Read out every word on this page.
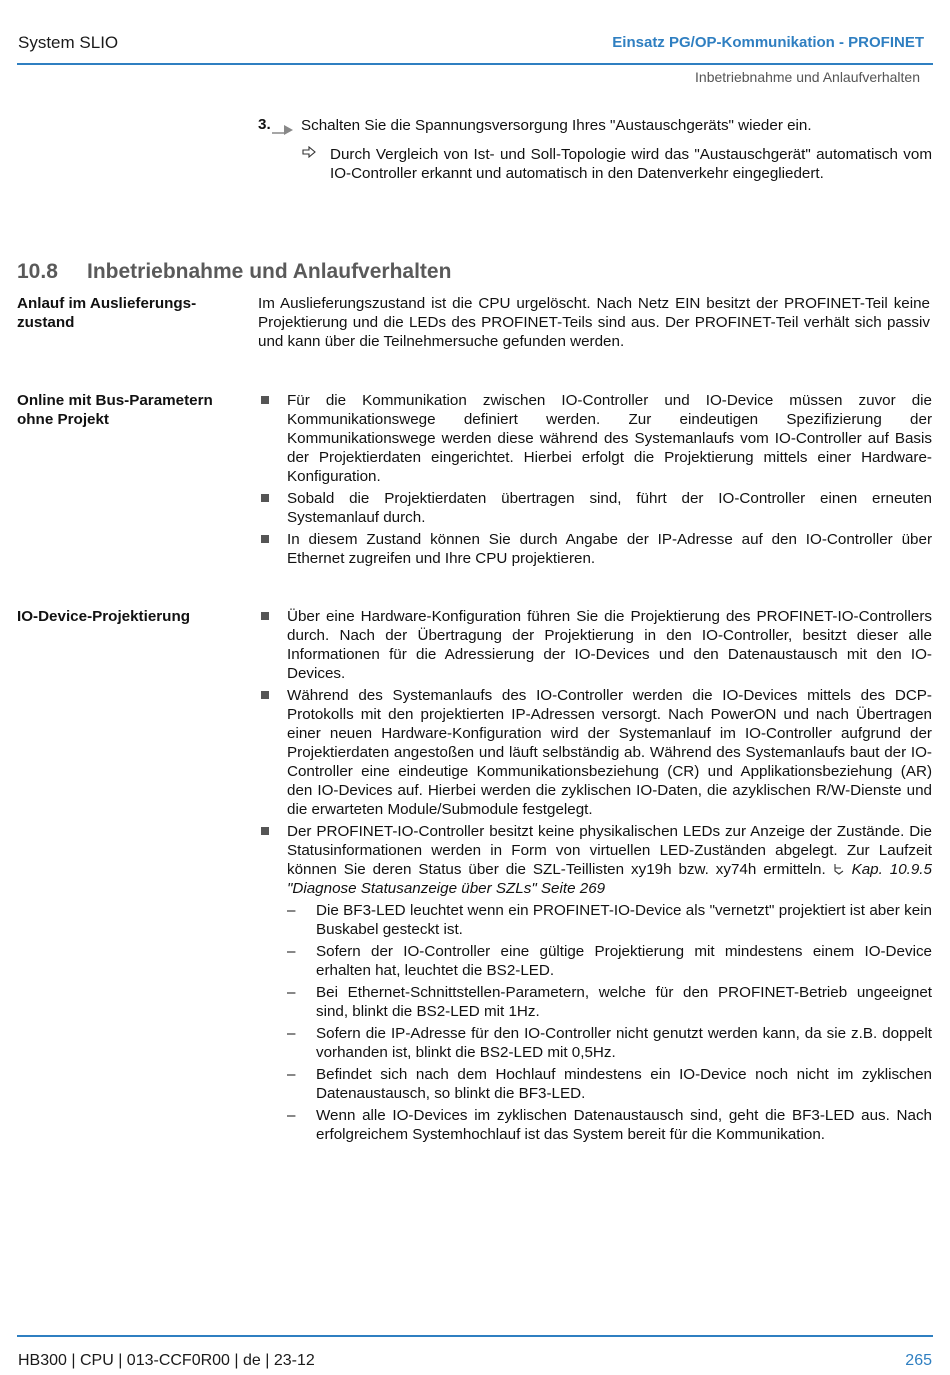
System SLIO	Einsatz PG/OP-Kommunikation - PROFINET
Inbetriebnahme und Anlaufverhalten
3. Schalten Sie die Spannungsversorgung Ihres "Austauschgeräts" wieder ein.
Durch Vergleich von Ist- und Soll-Topologie wird das "Austauschgerät" automatisch vom IO-Controller erkannt und automatisch in den Datenverkehr eingegliedert.
10.8 Inbetriebnahme und Anlaufverhalten
Anlauf im Auslieferungszustand
Im Auslieferungszustand ist die CPU urgelöscht. Nach Netz EIN besitzt der PROFINET-Teil keine Projektierung und die LEDs des PROFINET-Teils sind aus. Der PROFINET-Teil verhält sich passiv und kann über die Teilnehmersuche gefunden werden.
Online mit Bus-Parametern ohne Projekt
Für die Kommunikation zwischen IO-Controller und IO-Device müssen zuvor die Kommunikationswege definiert werden. Zur eindeutigen Spezifizierung der Kommunikationswege werden diese während des Systemanlaufs vom IO-Controller auf Basis der Projektierdaten eingerichtet. Hierbei erfolgt die Projektierung mittels einer Hardware-Konfiguration.
Sobald die Projektierdaten übertragen sind, führt der IO-Controller einen erneuten Systemanlauf durch.
In diesem Zustand können Sie durch Angabe der IP-Adresse auf den IO-Controller über Ethernet zugreifen und Ihre CPU projektieren.
IO-Device-Projektierung	Über eine Hardware-Konfiguration führen Sie die Projektierung des PROFINET-IO-Controllers durch. Nach der Übertragung der Projektierung in den IO-Controller, besitzt dieser alle Informationen für die Adressierung der IO-Devices und den Datenaustausch mit den IO-Devices.
Während des Systemanlaufs des IO-Controller werden die IO-Devices mittels des DCP-Protokolls mit den projektierten IP-Adressen versorgt. Nach PowerON und nach Übertragen einer neuen Hardware-Konfiguration wird der Systemanlauf im IO-Controller aufgrund der Projektierdaten angestoßen und läuft selbständig ab. Während des Systemanlaufs baut der IO-Controller eine eindeutige Kommunikationsbeziehung (CR) und Applikationsbeziehung (AR) den IO-Devices auf. Hierbei werden die zyklischen IO-Daten, die azyklischen R/W-Dienste und die erwarteten Module/Submodule festgelegt.
Der PROFINET-IO-Controller besitzt keine physikalischen LEDs zur Anzeige der Zustände. Die Statusinformationen werden in Form von virtuellen LED-Zuständen abgelegt. Zur Laufzeit können Sie deren Status über die SZL-Teillisten xy19h bzw. xy74h ermitteln. Kap. 10.9.5 "Diagnose Statusanzeige über SZLs" Seite 269
– Die BF3-LED leuchtet wenn ein PROFINET-IO-Device als "vernetzt" projektiert ist aber kein Buskabel gesteckt ist.
– Sofern der IO-Controller eine gültige Projektierung mit mindestens einem IO-Device erhalten hat, leuchtet die BS2-LED.
– Bei Ethernet-Schnittstellen-Parametern, welche für den PROFINET-Betrieb ungeeignet sind, blinkt die BS2-LED mit 1Hz.
– Sofern die IP-Adresse für den IO-Controller nicht genutzt werden kann, da sie z.B. doppelt vorhanden ist, blinkt die BS2-LED mit 0,5Hz.
– Befindet sich nach dem Hochlauf mindestens ein IO-Device noch nicht im zyklischen Datenaustausch, so blinkt die BF3-LED.
– Wenn alle IO-Devices im zyklischen Datenaustausch sind, geht die BF3-LED aus. Nach erfolgreichem Systemhochlauf ist das System bereit für die Kommunikation.
HB300 | CPU | 013-CCF0R00 | de | 23-12	265
